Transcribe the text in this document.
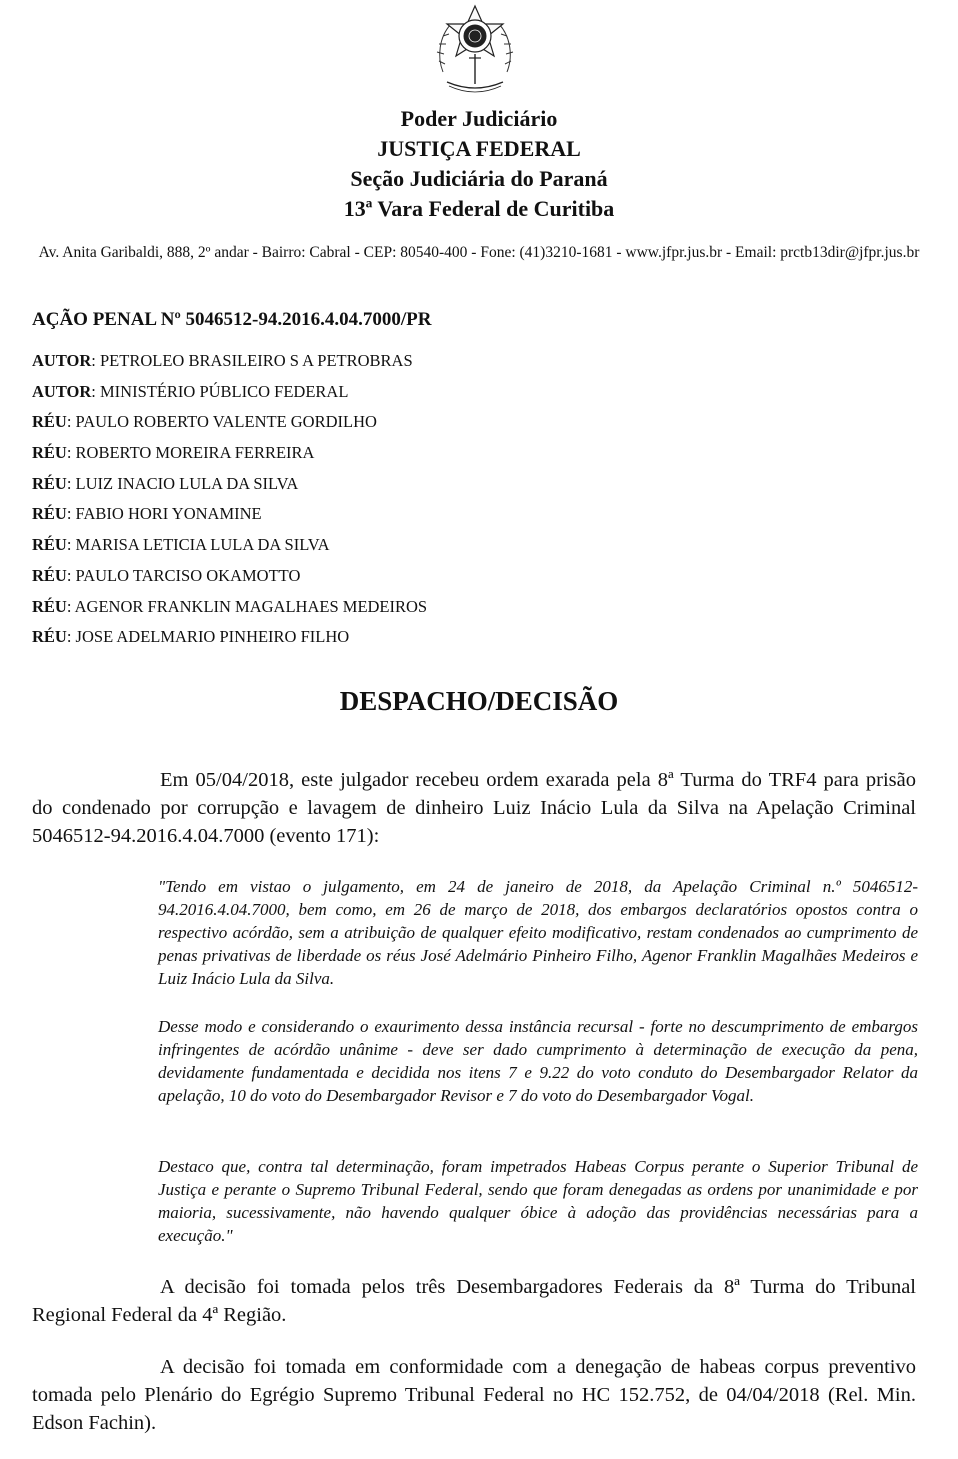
Poder Judiciário
JUSTIÇA FEDERAL
Seção Judiciária do Paraná
13ª Vara Federal de Curitiba
Av. Anita Garibaldi, 888, 2º andar - Bairro: Cabral - CEP: 80540-400 - Fone: (41)3210-1681 - www.jfpr.jus.br - Email: prctb13dir@jfpr.jus.br
AÇÃO PENAL Nº 5046512-94.2016.4.04.7000/PR
AUTOR: PETROLEO BRASILEIRO S A PETROBRAS
AUTOR: MINISTÉRIO PÚBLICO FEDERAL
RÉU: PAULO ROBERTO VALENTE GORDILHO
RÉU: ROBERTO MOREIRA FERREIRA
RÉU: LUIZ INACIO LULA DA SILVA
RÉU: FABIO HORI YONAMINE
RÉU: MARISA LETICIA LULA DA SILVA
RÉU: PAULO TARCISO OKAMOTTO
RÉU: AGENOR FRANKLIN MAGALHAES MEDEIROS
RÉU: JOSE ADELMARIO PINHEIRO FILHO
DESPACHO/DECISÃO

Em 05/04/2018, este julgador recebeu ordem exarada pela 8ª Turma do TRF4 para prisão do condenado por corrupção e lavagem de dinheiro Luiz Inácio Lula da Silva na Apelação Criminal 5046512-94.2016.4.04.7000 (evento 171):

"Tendo em vistao o julgamento, em 24 de janeiro de 2018, da Apelação Criminal n.º 5046512-94.2016.4.04.7000, bem como, em 26 de março de 2018, dos embargos declaratórios opostos contra o respectivo acórdão, sem a atribuição de qualquer efeito modificativo, restam condenados ao cumprimento de penas privativas de liberdade os réus José Adelmário Pinheiro Filho, Agenor Franklin Magalhães Medeiros e Luiz Inácio Lula da Silva.

Desse modo e considerando o exaurimento dessa instância recursal - forte no descumprimento de embargos infringentes de acórdão unânime - deve ser dado cumprimento à determinação de execução da pena, devidamente fundamentada e decidida nos itens 7 e 9.22 do voto conduto do Desembargador Relator da apelação, 10 do voto do Desembargador Revisor e 7 do voto do Desembargador Vogal.

Destaco que, contra tal determinação, foram impetrados Habeas Corpus perante o Superior Tribunal de Justiça e perante o Supremo Tribunal Federal, sendo que foram denegadas as ordens por unanimidade e por maioria, sucessivamente, não havendo qualquer óbice à adoção das providências necessárias para a execução."

A decisão foi tomada pelos três Desembargadores Federais da 8ª Turma do Tribunal Regional Federal da 4ª Região.

A decisão foi tomada em conformidade com a denegação de habeas corpus preventivo tomada pelo Plenário do Egrégio Supremo Tribunal Federal no HC 152.752, de 04/04/2018 (Rel. Min. Edson Fachin).
